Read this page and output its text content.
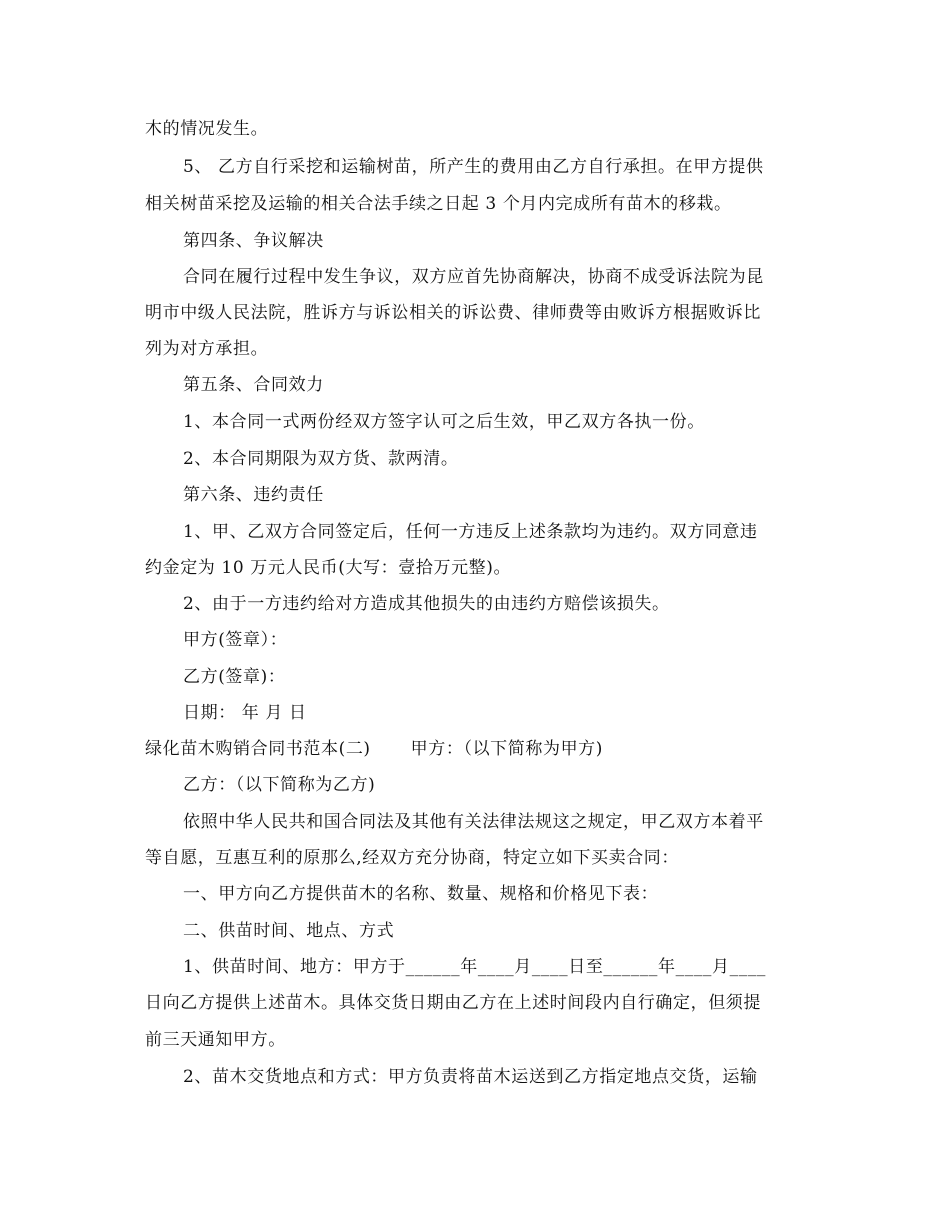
木的情况发生。
5、 乙方自行采挖和运输树苗，所产生的费用由乙方自行承担。在甲方提供
相关树苗采挖及运输的相关合法手续之日起 3 个月内完成所有苗木的移栽。
第四条、争议解决
合同在履行过程中发生争议，双方应首先协商解决，协商不成受诉法院为昆
明市中级人民法院，胜诉方与诉讼相关的诉讼费、律师费等由败诉方根据败诉比
列为对方承担。
第五条、合同效力
1、本合同一式两份经双方签字认可之后生效，甲乙双方各执一份。
2、本合同期限为双方货、款两清。
第六条、违约责任
1、甲、乙双方合同签定后，任何一方违反上述条款均为违约。双方同意违
约金定为 10 万元人民币(大写：壹拾万元整)。
2、由于一方违约给对方造成其他损失的由违约方赔偿该损失。
甲方(签章）：
乙方(签章)：
日期： 年 月 日
绿化苗木购销合同书范本(二) 甲方：（以下简称为甲方)
乙方：（以下简称为乙方)
依照中华人民共和国合同法及其他有关法律法规这之规定，甲乙双方本着平
等自愿，互惠互利的原那么,经双方充分协商，特定立如下买卖合同：
一、甲方向乙方提供苗木的名称、数量、规格和价格见下表：
二、供苗时间、地点、方式
1、供苗时间、地方：甲方于______年____月____日至______年____月____
日向乙方提供上述苗木。具体交货日期由乙方在上述时间段内自行确定，但须提
前三天通知甲方。
2、苗木交货地点和方式：甲方负责将苗木运送到乙方指定地点交货，运输
